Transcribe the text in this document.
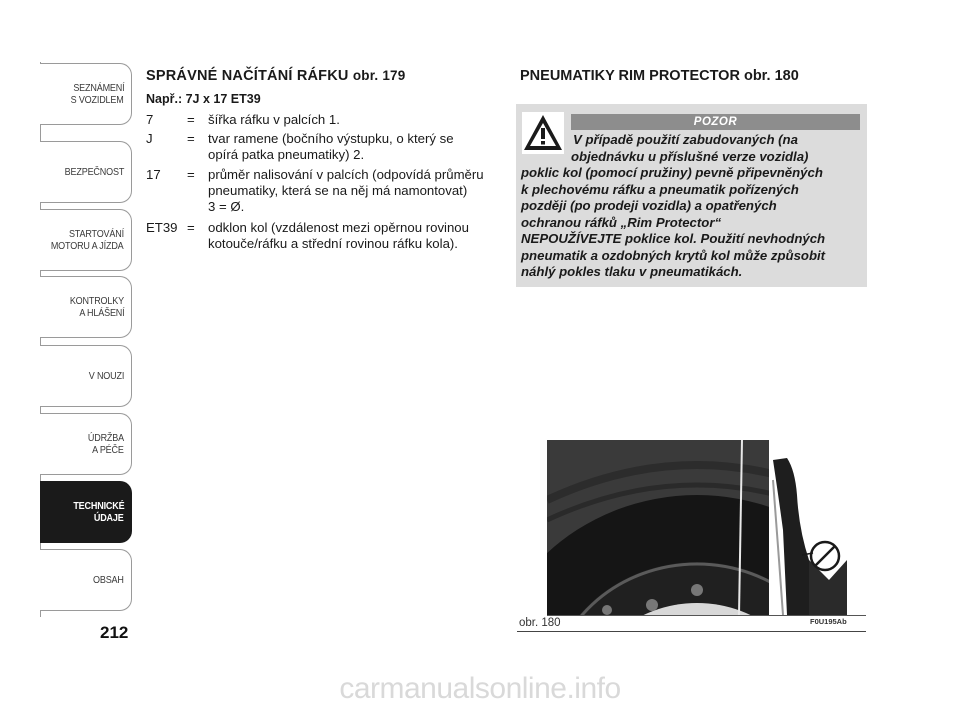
SEZNÁMENÍ
S VOZIDLEM
BEZPEČNOST
STARTOVÁNÍ
MOTORU A JÍZDA
KONTROLKY
A HLÁŠENÍ
V NOUZI
ÚDRŽBA
A PÉČE
TECHNICKÉ
ÚDAJE
OBSAH
212
SPRÁVNÉ NAČÍTÁNÍ RÁFKU obr. 179
Např.: 7J x 17 ET39
7	= šířka ráfku v palcích 1.
J	= tvar ramene (bočního výstupku, o který se
opírá patka pneumatiky) 2.
17 = průměr nalisování v palcích (odpovídá průměru
pneumatiky, která se na něj má namontovat)
3 = Ø.
ET39 = odklon kol (vzdálenost mezi opěrnou rovinou
kotouče/ráfku a střední rovinou ráfku kola).
PNEUMATIKY RIM PROTECTOR obr. 180
POZOR
V případě použití zabudovaných (na
objednávku u příslušné verze vozidla)
poklic kol (pomocí pružiny) pevně připevněných
k plechovému ráfku a pneumatik pořízených
později (po prodeji vozidla) a opatřených
ochranou ráfků „Rim Protector“
NEPOUŽÍVEJTE poklice kol. Použití nevhodných
pneumatik a ozdobných krytů kol může způsobit
náhlý pokles tlaku v pneumatikách.
obr. 180	F0U195Ab
carmanualsonline.info
